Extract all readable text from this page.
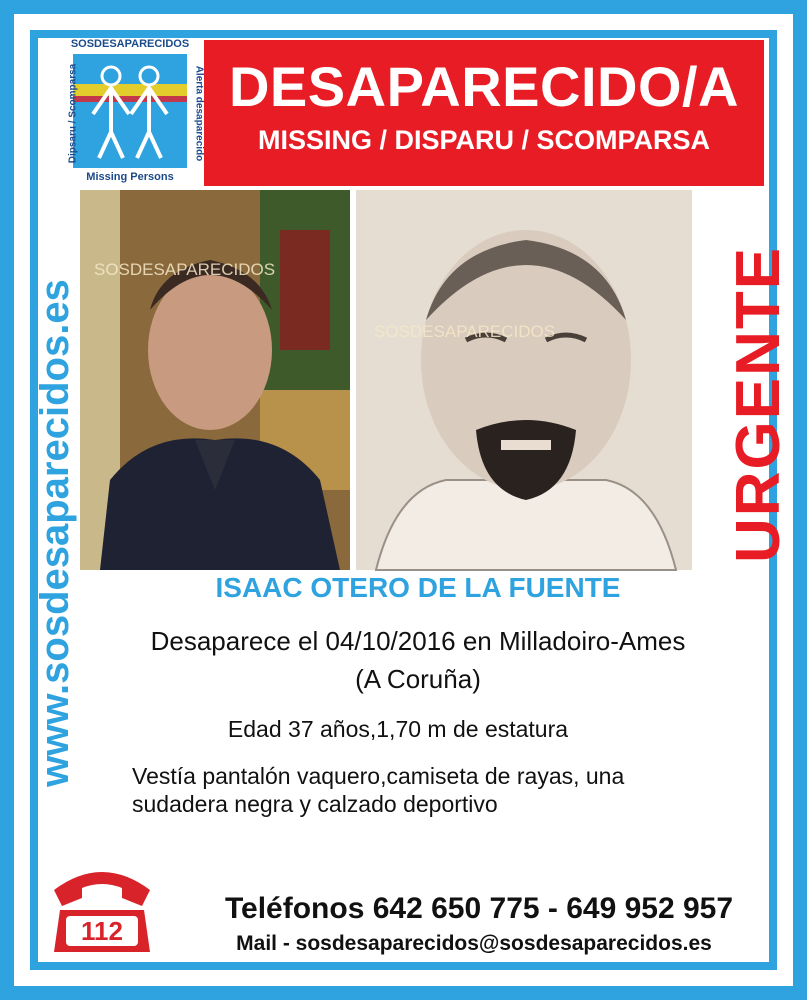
SOSDESAPARECIDOS
Missing Persons
Dipsaru / Scomparsa	Alerta desaparecido DESAPARECIDO/A
MISSING / DISPARU / SCOMPARSA
www.sosdesaparecidos.es
SOSDESAPARECIDOS
SOSDESAPARECIDOS	URGENTE
ISAAC OTERO DE LA FUENTE
Desaparece el 04/10/2016 en Milladoiro-Ames
(A Coruña)
Edad 37 años,1,70 m de estatura
Vestía pantalón vaquero,camiseta de rayas, una
sudadera negra y calzado deportivo
112
Teléfonos 642 650 775 - 649 952 957
Mail - sosdesaparecidos@sosdesaparecidos.es
